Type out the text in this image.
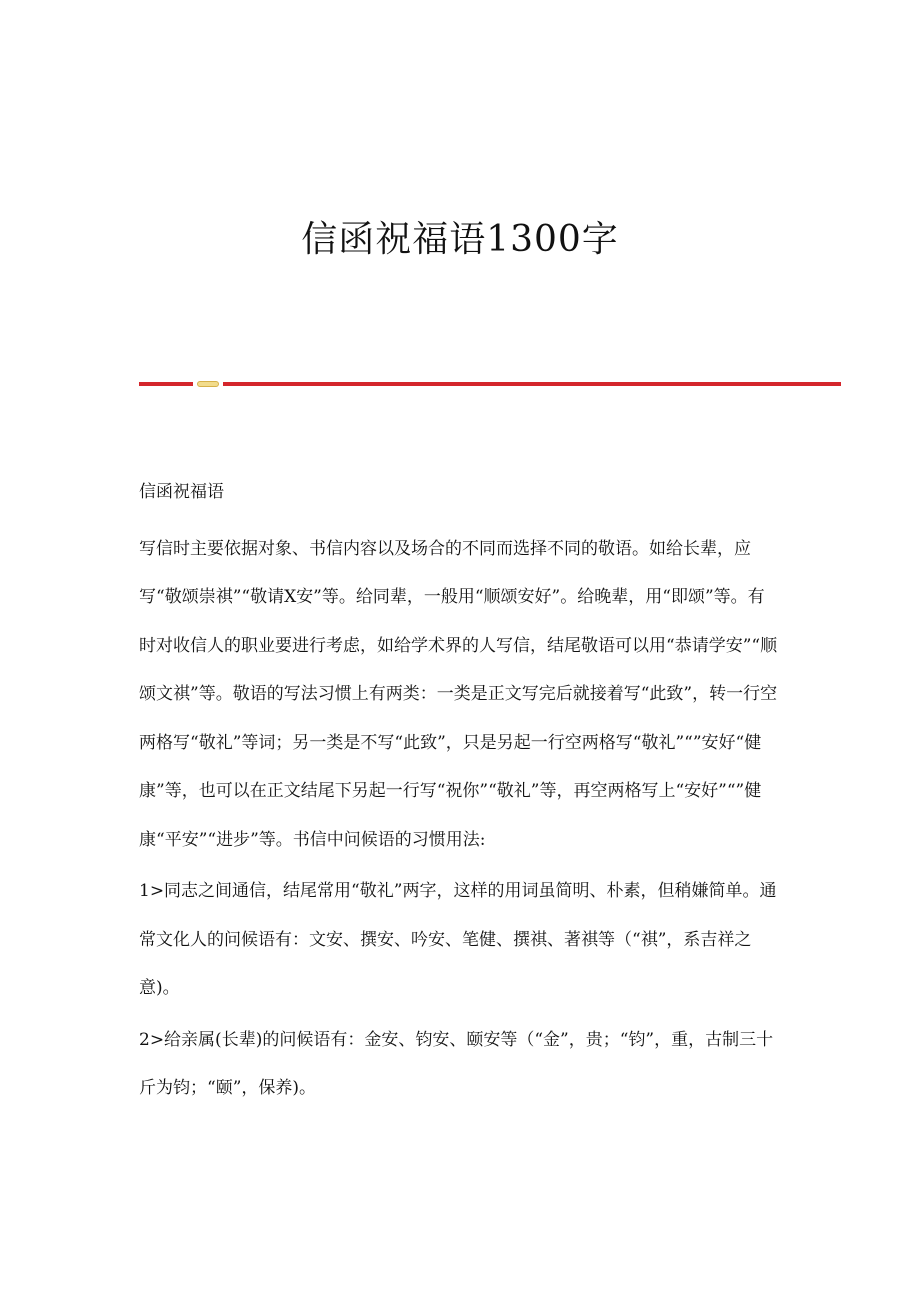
信函祝福语1300字

信函祝福语

写信时主要依据对象、书信内容以及场合的不同而选择不同的敬语。如给长辈，应写“敬颂崇祺”“敬请X安”等。给同辈，一般用“顺颂安好”。给晚辈，用“即颂”等。有时对收信人的职业要进行考虑，如给学术界的人写信，结尾敬语可以用“恭请学安”“顺颂文祺”等。敬语的写法习惯上有两类：一类是正文写完后就接着写“此致”，转一行空两格写“敬礼”等词；另一类是不写“此致”，只是另起一行空两格写“敬礼”“”安好“健康”等，也可以在正文结尾下另起一行写“祝你”“敬礼”等，再空两格写上“安好”“”健康“平安”“进步”等。书信中问候语的习惯用法:

1>同志之间通信，结尾常用“敬礼”两字，这样的用词虽简明、朴素，但稍嫌简单。通常文化人的问候语有：文安、撰安、吟安、笔健、撰祺、著祺等（“祺”，系吉祥之意)。

2>给亲属(长辈)的问候语有：金安、钧安、颐安等（“金”，贵；“钧”，重，古制三十斤为钧；“颐”，保养)。
